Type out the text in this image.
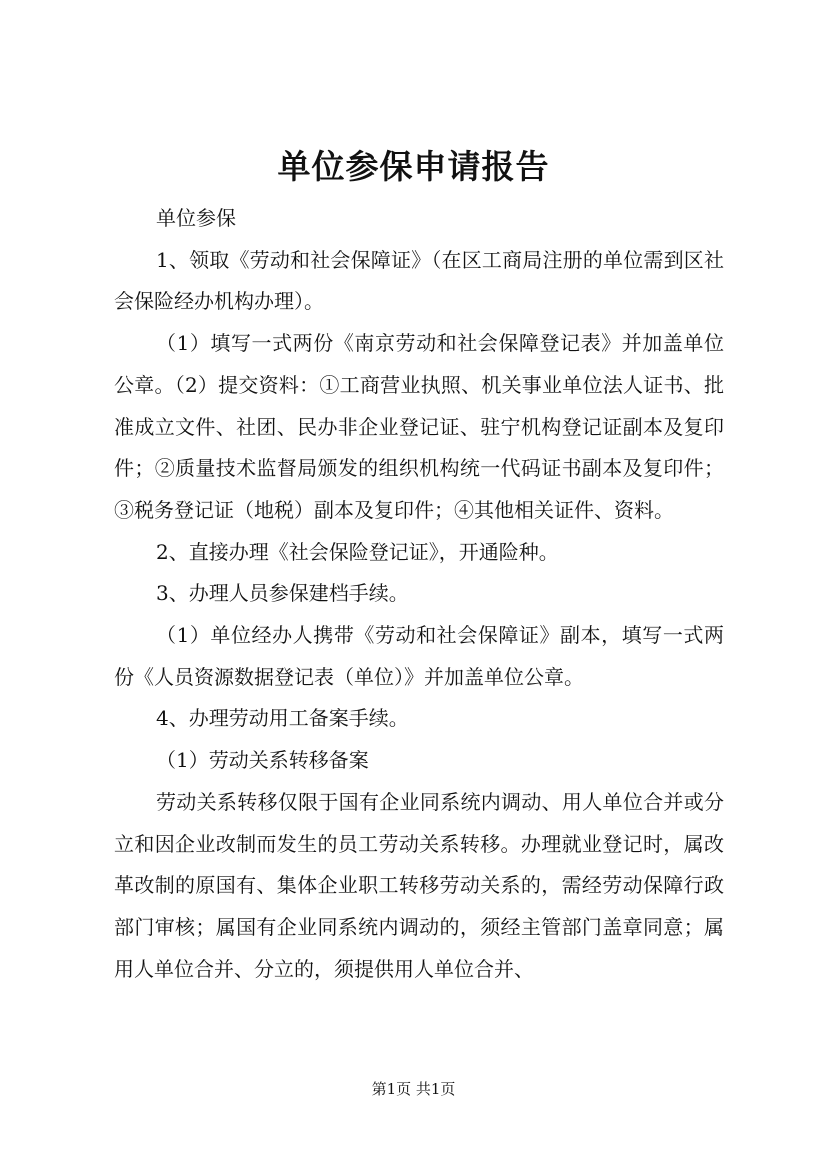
单位参保申请报告

单位参保

1、领取《劳动和社会保障证》（在区工商局注册的单位需到区社会保险经办机构办理）。

（1）填写一式两份《南京劳动和社会保障登记表》并加盖单位公章。（2）提交资料：①工商营业执照、机关事业单位法人证书、批准成立文件、社团、民办非企业登记证、驻宁机构登记证副本及复印件；②质量技术监督局颁发的组织机构统一代码证书副本及复印件；③税务登记证（地税）副本及复印件；④其他相关证件、资料。

2、直接办理《社会保险登记证》，开通险种。

3、办理人员参保建档手续。

（1）单位经办人携带《劳动和社会保障证》副本，填写一式两份《人员资源数据登记表（单位）》并加盖单位公章。

4、办理劳动用工备案手续。

（1）劳动关系转移备案

劳动关系转移仅限于国有企业同系统内调动、用人单位合并或分立和因企业改制而发生的员工劳动关系转移。办理就业登记时，属改革改制的原国有、集体企业职工转移劳动关系的，需经劳动保障行政部门审核；属国有企业同系统内调动的，须经主管部门盖章同意；属用人单位合并、分立的，须提供用人单位合并、

第1页 共1页
